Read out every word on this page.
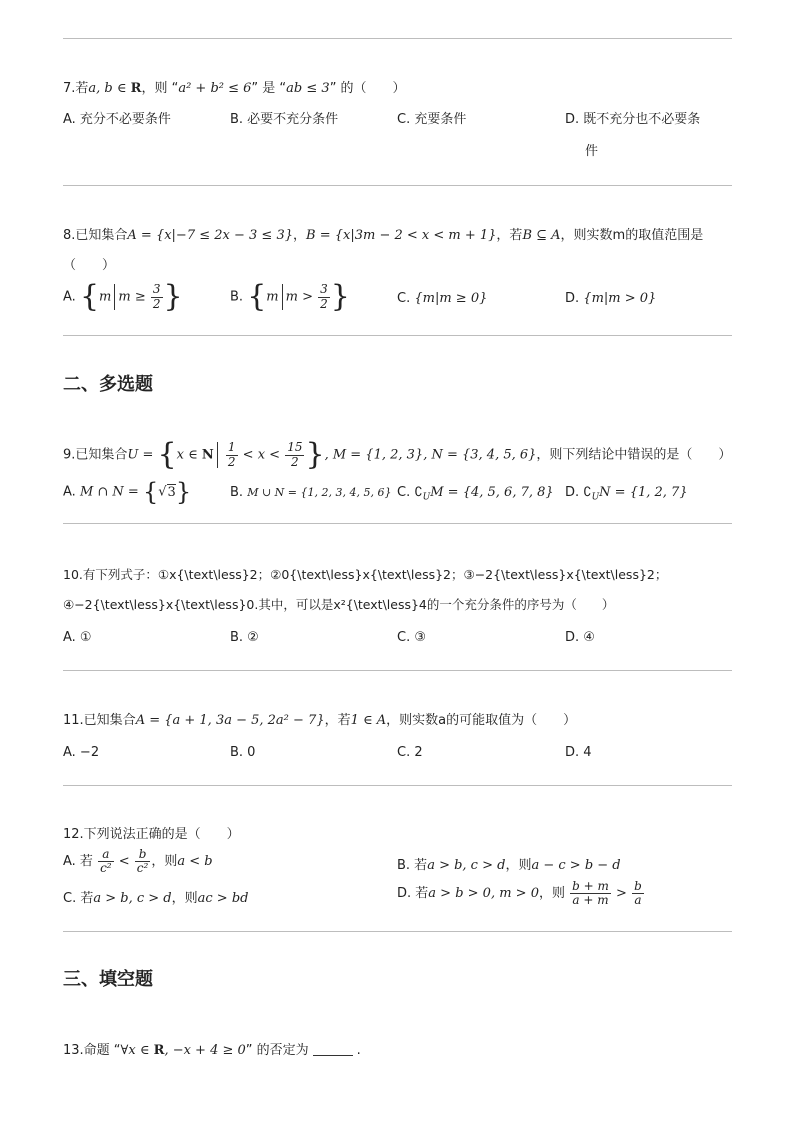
7.若a, b ∈ R，则 “a² + b² ≤ 6” 是 “ab ≤ 3” 的（　　）
A. 充分不必要条件	B. 必要不充分条件	C. 充要条件	D. 既不充分也不必要条
件
8.已知集合A = {x|−7 ≤ 2x − 3 ≤ 3}，B = {x|3m − 2 < x < m + 1}，若B ⊆ A，则实数m的取值范围是
（　　）
A. {m $m \ge \frac{3}{2}$ }	B. {m $m > \frac{3}{2}$ }	C. {m|m ≥ 0}	D. {m|m > 0}
二、多选题
9.已知集合U = {x ∈ N $\frac{1}{2} < x < \frac{15}{2}$ }, M = {1, 2, 3}, N = {3, 4, 5, 6}，则下列结论中错误的是（　　）
A. M ∩ N = {√3}	B. M ∪ N = {1, 2, 3, 4, 5, 6} C. $∁_UM = \{4$, 5, 6, 7, 8} D. $∁_UN = \{1$, 2, 7}
10.有下列式子：①x{\text\less}2；②0{\text\less}x{\text\less}2；③−2{\text\less}x{\text\less}2；
④−2{\text\less}x{\text\less}0.其中，可以是x²{\text\less}4的一个充分条件的序号为（　　）
A. ①	B. ②	C. ③	D. ④
11.已知集合A = {a + 1, 3a − 5, 2a² − 7}，若1 ∈ A，则实数a的可能取值为（　　）
A. −2	B. 0	C. 2	D. 4
12.下列说法正确的是（　　）
A. 若 $\frac{a}{\text{c²}} < \frac{b}{\text{c²}}$ ，则a < b	B. 若a > b, c > d，则a − c > b − d
C. 若a > b, c > d，则ac > bd	D. 若a > b > 0, m > 0，则 $\frac{b + m}{a + m} > \frac{b}{a}$
三、填空题
13.命题 “∀x ∈ R, −x + 4 ≥ 0” 的否定为	.
